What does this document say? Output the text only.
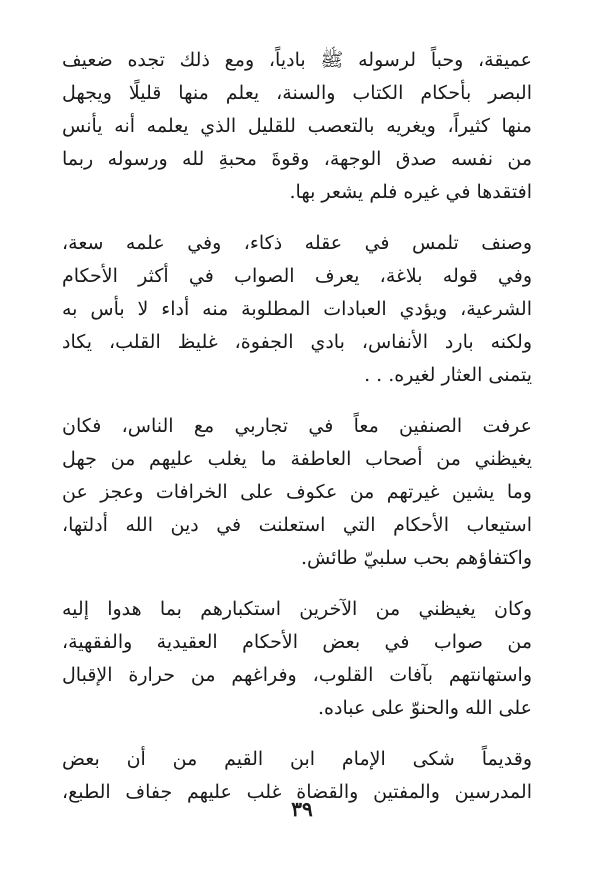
عميقة، وحباً لرسوله ﷺ بادياً، ومع ذلك تجده ضعيف
البصر بأحكام الكتاب والسنة، يعلم منها قليلًا ويجهل
منها كثيراً، ويغريه بالتعصب للقليل الذي يعلمه أنه يأنس
من نفسه صدق الوجهة، وقوةَ محبةِ لله ورسوله ربما
افتقدها في غيره فلم يشعر بها.
وصنف تلمس في عقله ذكاء، وفي علمه سعة،
وفي قوله بلاغة، يعرف الصواب في أكثر الأحكام
الشرعية، ويؤدي العبادات المطلوبة منه أداء لا بأس به
ولكنه بارد الأنفاس، بادي الجفوة، غليظ القلب، يكاد
يتمنى العثار لغيره. . .
عرفت الصنفين معاً في تجاربي مع الناس، فكان
يغيظني من أصحاب العاطفة ما يغلب عليهم من جهل
وما يشين غيرتهم من عكوف على الخرافات وعجز عن
استيعاب الأحكام التي استعلنت في دين الله أدلتها،
واكتفاؤهم بحب سلبيّ طائش.
وكان يغيظني من الآخرين استكبارهم بما هدوا إليه
من صواب في بعض الأحكام العقيدية والفقهية،
واستهانتهم بآفات القلوب، وفراغهم من حرارة الإقبال
على الله والحنوّ على عباده.
وقديماً شكى الإمام ابن القيم من أن بعض
المدرسين والمفتين والقضاة غلب عليهم جفاف الطبع،
٣٩
